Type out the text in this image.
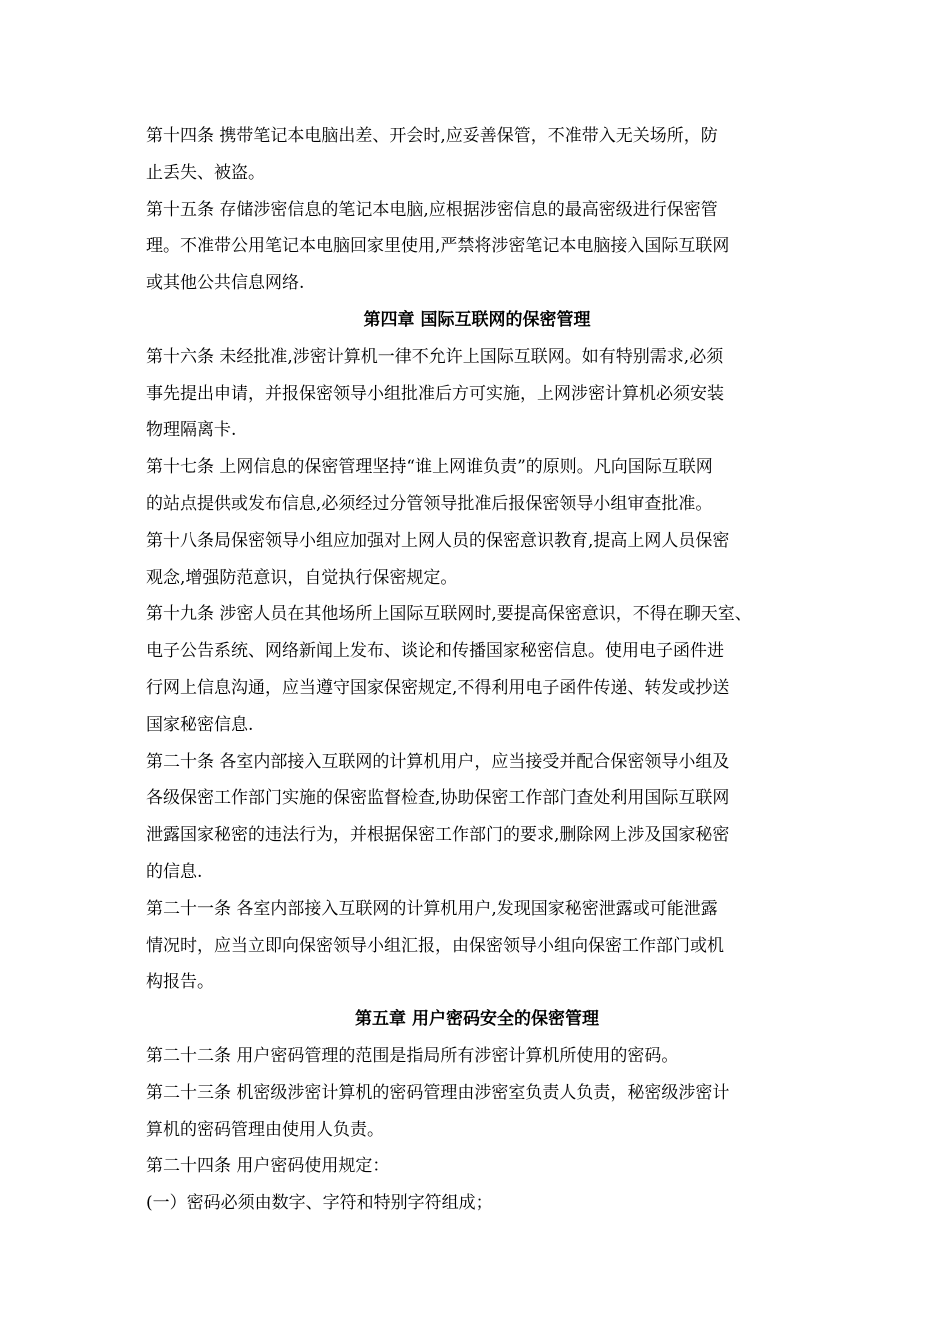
第十四条 携带笔记本电脑出差、开会时,应妥善保管，不准带入无关场所，防
止丢失、被盗。
第十五条 存储涉密信息的笔记本电脑,应根据涉密信息的最高密级进行保密管
理。不准带公用笔记本电脑回家里使用,严禁将涉密笔记本电脑接入国际互联网
或其他公共信息网络.
第四章 国际互联网的保密管理
第十六条 未经批准,涉密计算机一律不允许上国际互联网。如有特别需求,必须
事先提出申请，并报保密领导小组批准后方可实施，上网涉密计算机必须安装
物理隔离卡.
第十七条 上网信息的保密管理坚持“谁上网谁负责”的原则。凡向国际互联网
的站点提供或发布信息,必须经过分管领导批准后报保密领导小组审查批准。
第十八条局保密领导小组应加强对上网人员的保密意识教育,提高上网人员保密
观念,增强防范意识，自觉执行保密规定。
第十九条 涉密人员在其他场所上国际互联网时,要提高保密意识，不得在聊天室、
电子公告系统、网络新闻上发布、谈论和传播国家秘密信息。使用电子函件进
行网上信息沟通，应当遵守国家保密规定,不得利用电子函件传递、转发或抄送
国家秘密信息.
第二十条 各室内部接入互联网的计算机用户，应当接受并配合保密领导小组及
各级保密工作部门实施的保密监督检查,协助保密工作部门查处利用国际互联网
泄露国家秘密的违法行为，并根据保密工作部门的要求,删除网上涉及国家秘密
的信息.
第二十一条 各室内部接入互联网的计算机用户,发现国家秘密泄露或可能泄露
情况时，应当立即向保密领导小组汇报，由保密领导小组向保密工作部门或机
构报告。
第五章 用户密码安全的保密管理
第二十二条 用户密码管理的范围是指局所有涉密计算机所使用的密码。
第二十三条 机密级涉密计算机的密码管理由涉密室负责人负责，秘密级涉密计
算机的密码管理由使用人负责。
第二十四条 用户密码使用规定：
(一）密码必须由数字、字符和特别字符组成；
